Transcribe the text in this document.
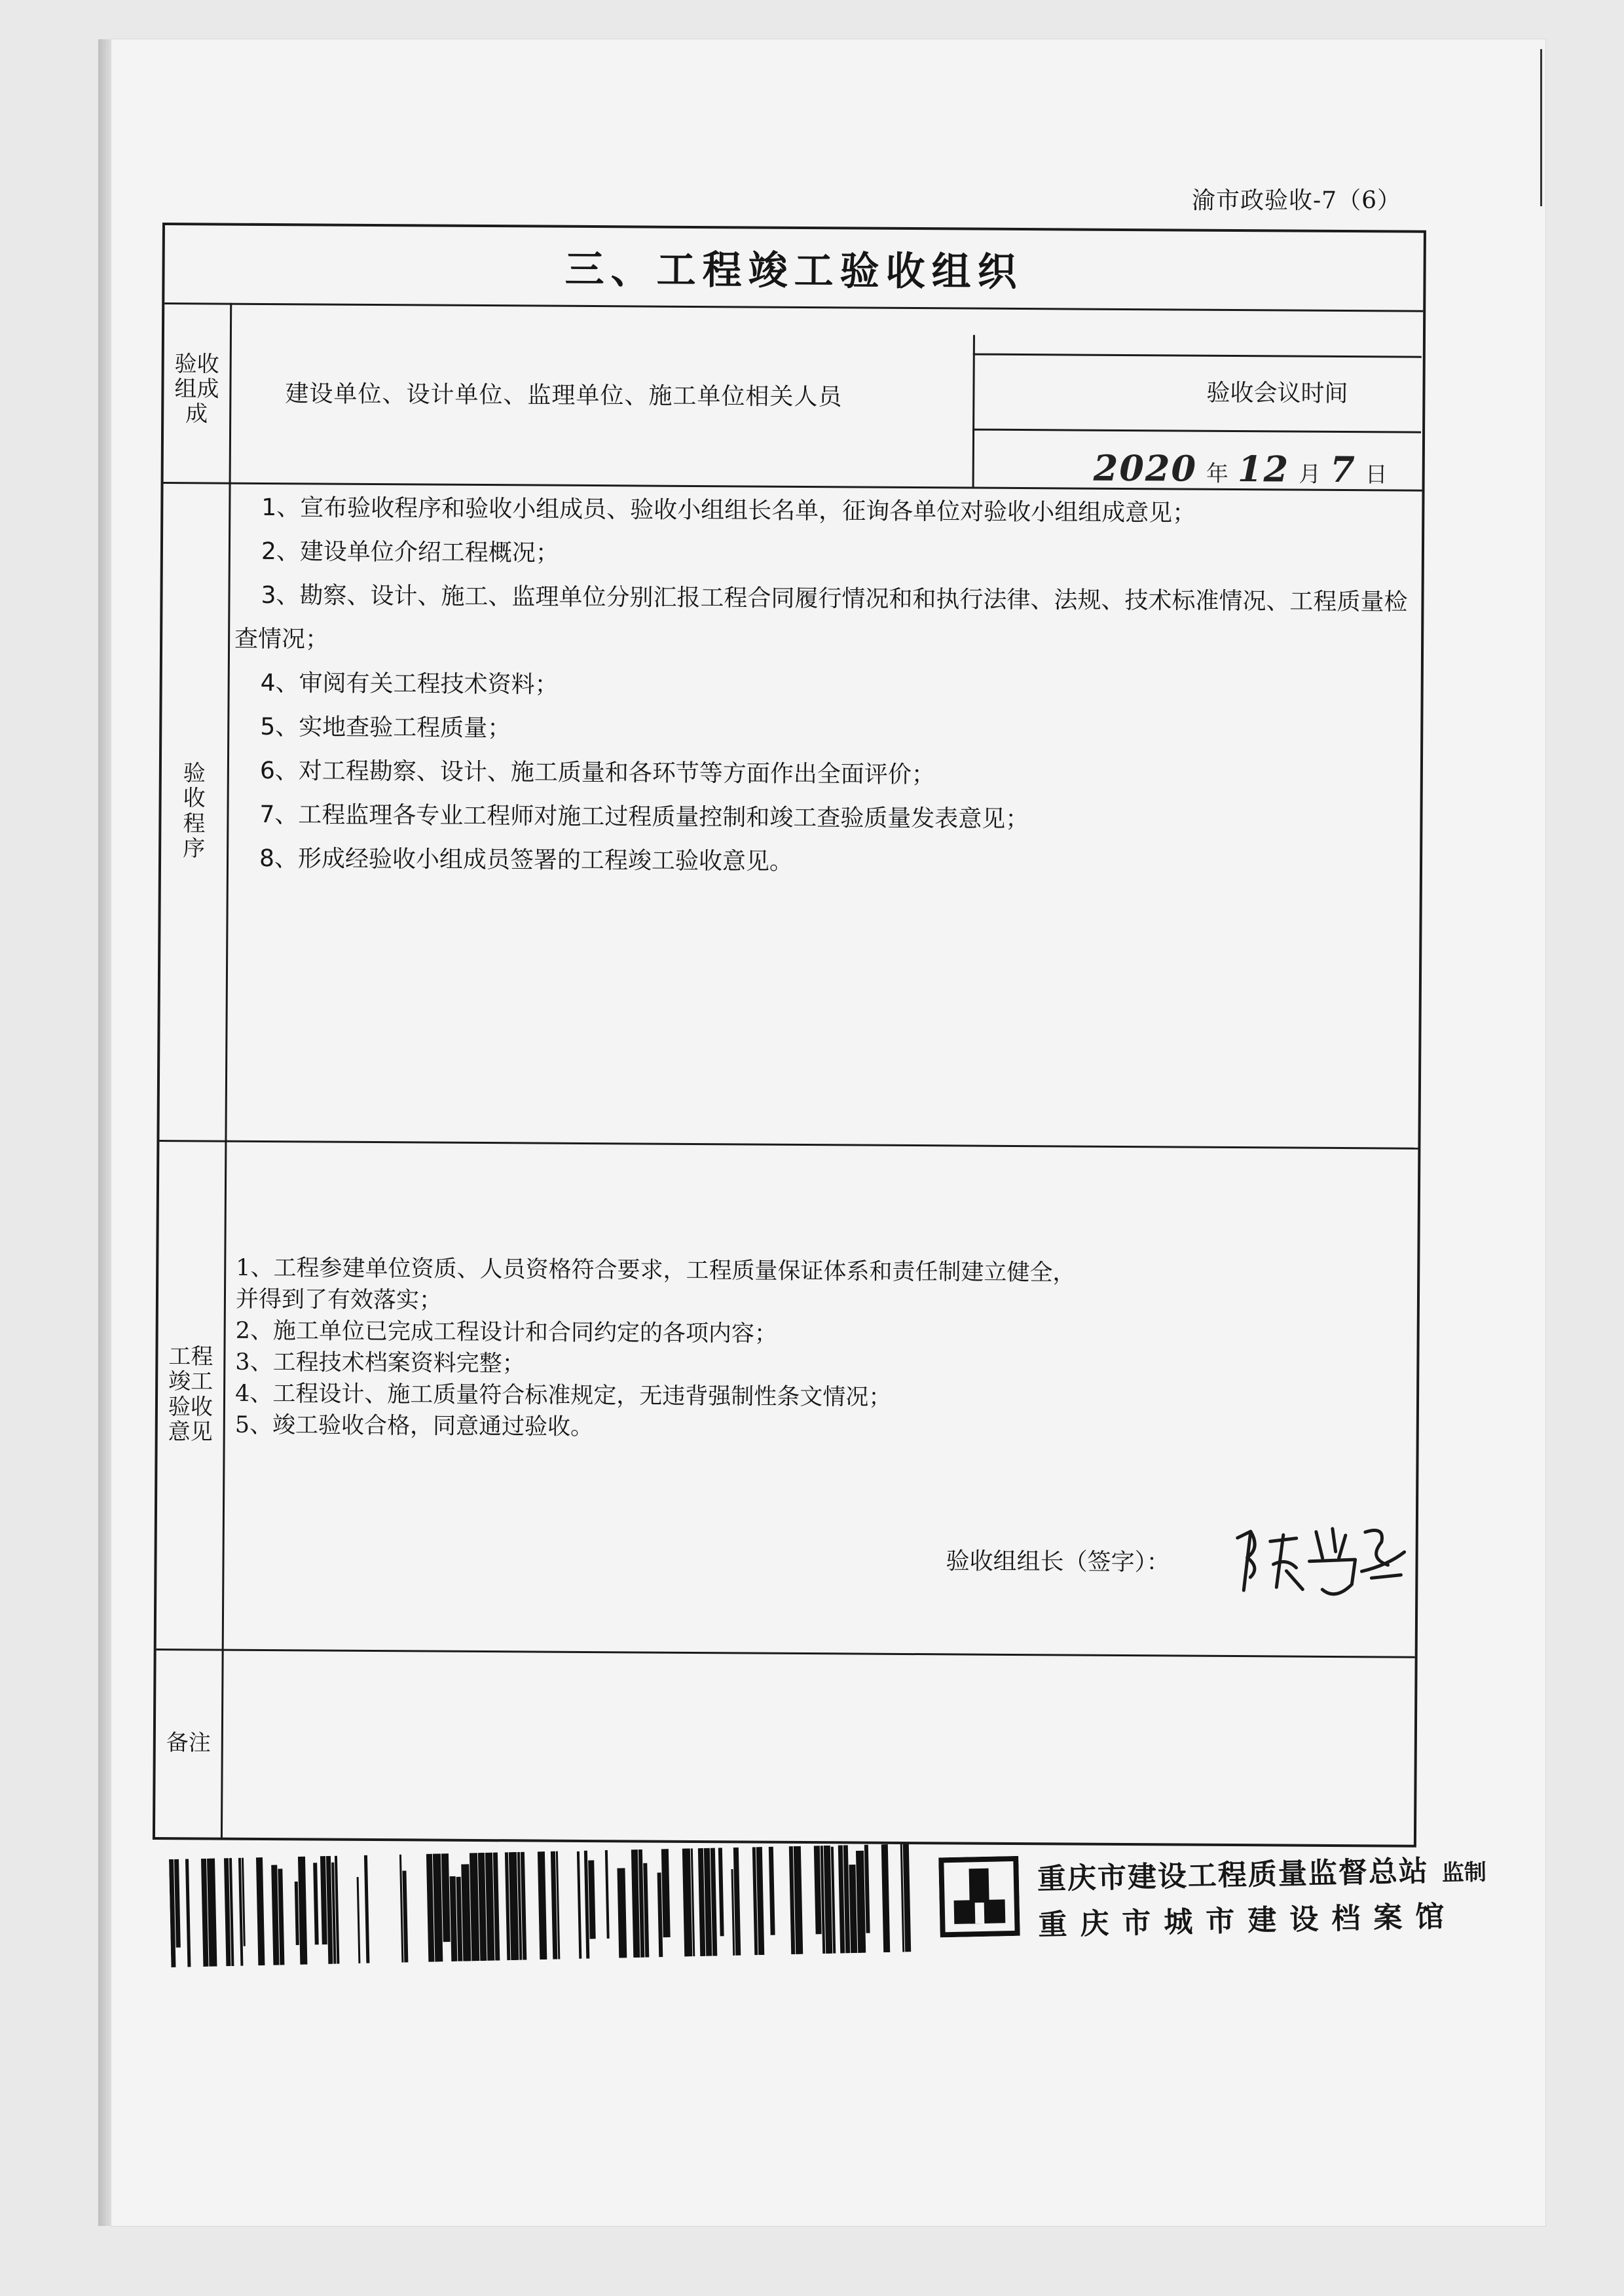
渝市政验收-7（6）
三、工程竣工验收组织
验收
组成
成
建设单位、设计单位、监理单位、施工单位相关人员	验收会议时间
2020 年 12 月 7 日
验
收
程
序
1、宣布验收程序和验收小组成员、验收小组组长名单，征询各单位对验收小组组成意见；
2、建设单位介绍工程概况；
3、勘察、设计、施工、监理单位分别汇报工程合同履行情况和和执行法律、法规、技术标准情况、工程质量检查情况；
4、审阅有关工程技术资料；
5、实地查验工程质量；
6、对工程勘察、设计、施工质量和各环节等方面作出全面评价；
7、工程监理各专业工程师对施工过程质量控制和竣工查验质量发表意见；
8、形成经验收小组成员签署的工程竣工验收意见。
工程
竣工
验收
意见
1、工程参建单位资质、人员资格符合要求，工程质量保证体系和责任制建立健全，
并得到了有效落实；
2、施工单位已完成工程设计和合同约定的各项内容；
3、工程技术档案资料完整；
4、工程设计、施工质量符合标准规定，无违背强制性条文情况；
5、竣工验收合格，同意通过验收。
验收组组长（签字）：
备注
重庆市建设工程质量监督总站 监制
重庆市城市建设档案馆
